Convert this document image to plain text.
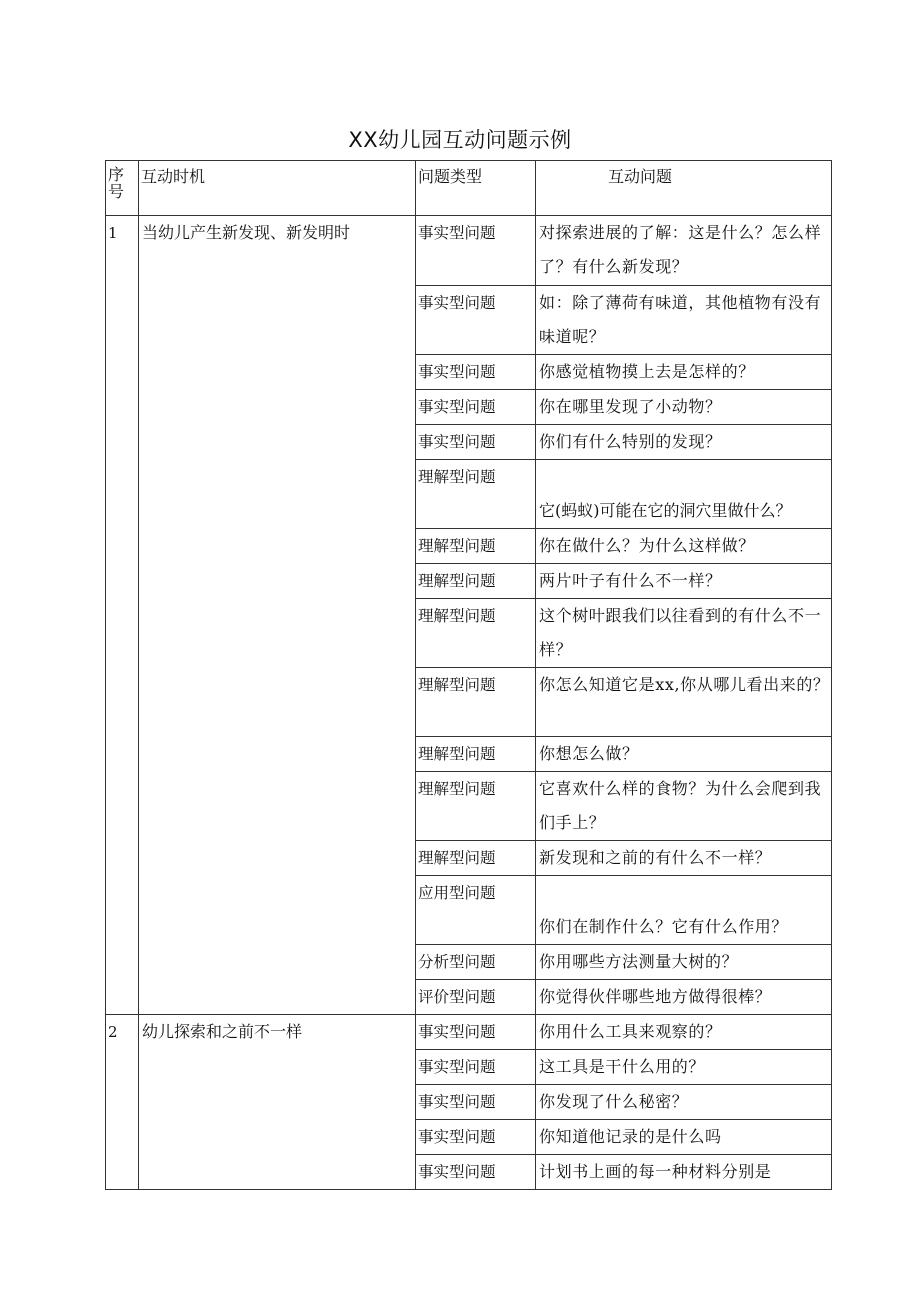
XX幼儿园互动问题示例
序号	互动时机	问题类型	互动问题
1	当幼儿产生新发现、新发明时	事实型问题	对探索进展的了解：这是什么？怎么样了？有什么新发现？
		事实型问题	如：除了薄荷有味道，其他植物有没有味道呢？
		事实型问题	你感觉植物摸上去是怎样的？
		事实型问题	你在哪里发现了小动物？
		事实型问题	你们有什么特别的发现？
		理解型问题	它(蚂蚁)可能在它的洞穴里做什么？
		理解型问题	你在做什么？为什么这样做？
		理解型问题	两片叶子有什么不一样？
		理解型问题	这个树叶跟我们以往看到的有什么不一样？
		理解型问题	你怎么知道它是xx,你从哪儿看出来的？
		理解型问题	你想怎么做？
		理解型问题	它喜欢什么样的食物？为什么会爬到我们手上？
		理解型问题	新发现和之前的有什么不一样？
		应用型问题	你们在制作什么？它有什么作用？
		分析型问题	你用哪些方法测量大树的？
		评价型问题	你觉得伙伴哪些地方做得很棒？
2	幼儿探索和之前不一样	事实型问题	你用什么工具来观察的？
		事实型问题	这工具是干什么用的？
		事实型问题	你发现了什么秘密？
		事实型问题	你知道他记录的是什么吗
		事实型问题	计划书上画的每一种材料分别是
